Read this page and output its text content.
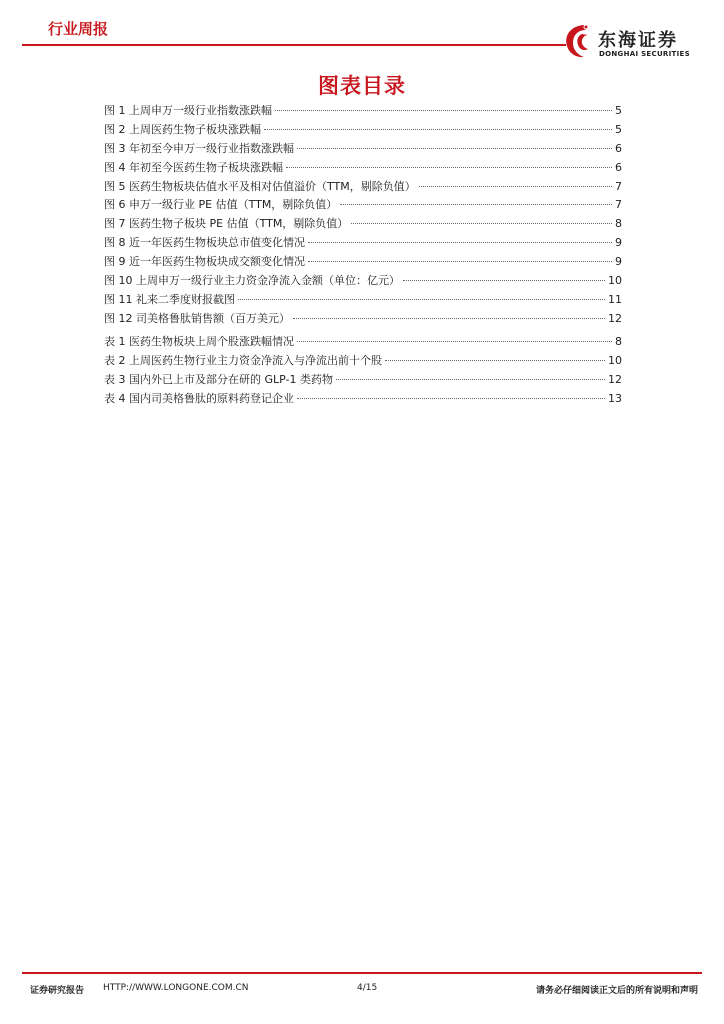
行业周报
东海证券
DONGHAI SECURITIES
图表目录
图 1 上周申万一级行业指数涨跌幅	5
图 2 上周医药生物子板块涨跌幅	5
图 3 年初至今申万一级行业指数涨跌幅	6
图 4 年初至今医药生物子板块涨跌幅	6
图 5 医药生物板块估值水平及相对估值溢价（TTM，剔除负值）	7
图 6 申万一级行业 PE 估值（TTM，剔除负值）	7
图 7 医药生物子板块 PE 估值（TTM，剔除负值）	8
图 8 近一年医药生物板块总市值变化情况	9
图 9 近一年医药生物板块成交额变化情况	9
图 10 上周申万一级行业主力资金净流入金额（单位：亿元）	10
图 11 礼来二季度财报截图	11
图 12 司美格鲁肽销售额（百万美元）	12
表 1 医药生物板块上周个股涨跌幅情况	8
表 2 上周医药生物行业主力资金净流入与净流出前十个股	10
表 3 国内外已上市及部分在研的 GLP-1 类药物	12
表 4 国内司美格鲁肽的原料药登记企业	13
证券研究报告 HTTP://WWW.LONGONE.COM.CN	4/15	请务必仔细阅读正文后的所有说明和声明
